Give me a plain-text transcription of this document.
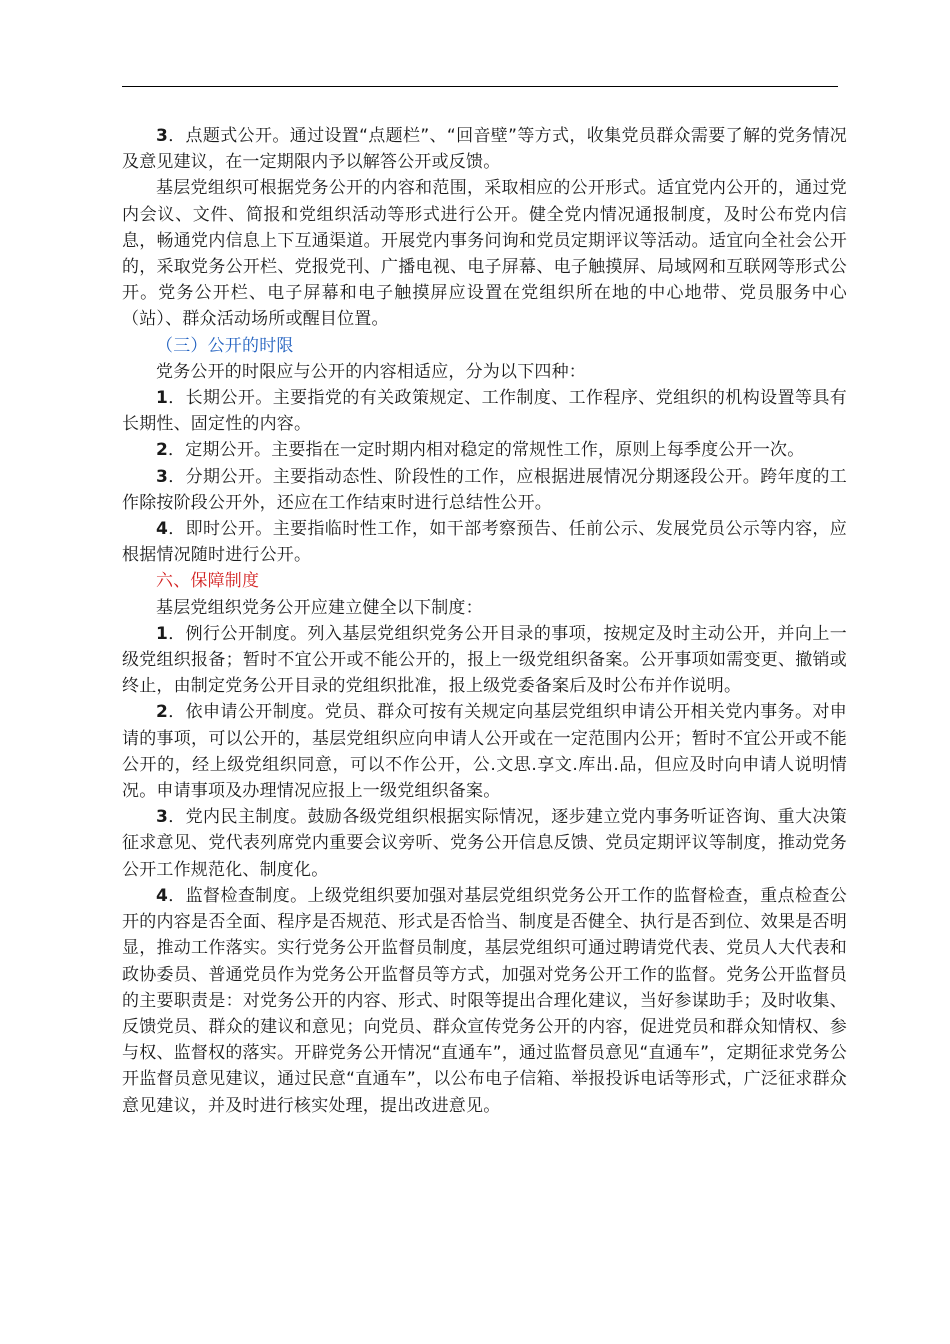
3．点题式公开。通过设置“点题栏”、“回音壁”等方式，收集党员群众需要了解的党务情况及意见建议，在一定期限内予以解答公开或反馈。

基层党组织可根据党务公开的内容和范围，采取相应的公开形式。适宜党内公开的，通过党内会议、文件、简报和党组织活动等形式进行公开。健全党内情况通报制度，及时公布党内信息，畅通党内信息上下互通渠道。开展党内事务问询和党员定期评议等活动。适宜向全社会公开的，采取党务公开栏、党报党刊、广播电视、电子屏幕、电子触摸屏、局域网和互联网等形式公开。党务公开栏、电子屏幕和电子触摸屏应设置在党组织所在地的中心地带、党员服务中心（站）、群众活动场所或醒目位置。

（三）公开的时限

党务公开的时限应与公开的内容相适应，分为以下四种：

1．长期公开。主要指党的有关政策规定、工作制度、工作程序、党组织的机构设置等具有长期性、固定性的内容。

2．定期公开。主要指在一定时期内相对稳定的常规性工作，原则上每季度公开一次。

3．分期公开。主要指动态性、阶段性的工作，应根据进展情况分期逐段公开。跨年度的工作除按阶段公开外，还应在工作结束时进行总结性公开。

4．即时公开。主要指临时性工作，如干部考察预告、任前公示、发展党员公示等内容，应根据情况随时进行公开。

六、保障制度

基层党组织党务公开应建立健全以下制度：

1．例行公开制度。列入基层党组织党务公开目录的事项，按规定及时主动公开，并向上一级党组织报备；暂时不宜公开或不能公开的，报上一级党组织备案。公开事项如需变更、撤销或终止，由制定党务公开目录的党组织批准，报上级党委备案后及时公布并作说明。

2．依申请公开制度。党员、群众可按有关规定向基层党组织申请公开相关党内事务。对申请的事项，可以公开的，基层党组织应向申请人公开或在一定范围内公开；暂时不宜公开或不能公开的，经上级党组织同意，可以不作公开，公.文思.享文.库出.品，但应及时向申请人说明情况。申请事项及办理情况应报上一级党组织备案。

3．党内民主制度。鼓励各级党组织根据实际情况，逐步建立党内事务听证咨询、重大决策征求意见、党代表列席党内重要会议旁听、党务公开信息反馈、党员定期评议等制度，推动党务公开工作规范化、制度化。

4．监督检查制度。上级党组织要加强对基层党组织党务公开工作的监督检查，重点检查公开的内容是否全面、程序是否规范、形式是否恰当、制度是否健全、执行是否到位、效果是否明显，推动工作落实。实行党务公开监督员制度，基层党组织可通过聘请党代表、党员人大代表和政协委员、普通党员作为党务公开监督员等方式，加强对党务公开工作的监督。党务公开监督员的主要职责是：对党务公开的内容、形式、时限等提出合理化建议，当好参谋助手；及时收集、反馈党员、群众的建议和意见；向党员、群众宣传党务公开的内容，促进党员和群众知情权、参与权、监督权的落实。开辟党务公开情况“直通车”，通过监督员意见“直通车”，定期征求党务公开监督员意见建议，通过民意“直通车”，以公布电子信箱、举报投诉电话等形式，广泛征求群众意见建议，并及时进行核实处理，提出改进意见。
